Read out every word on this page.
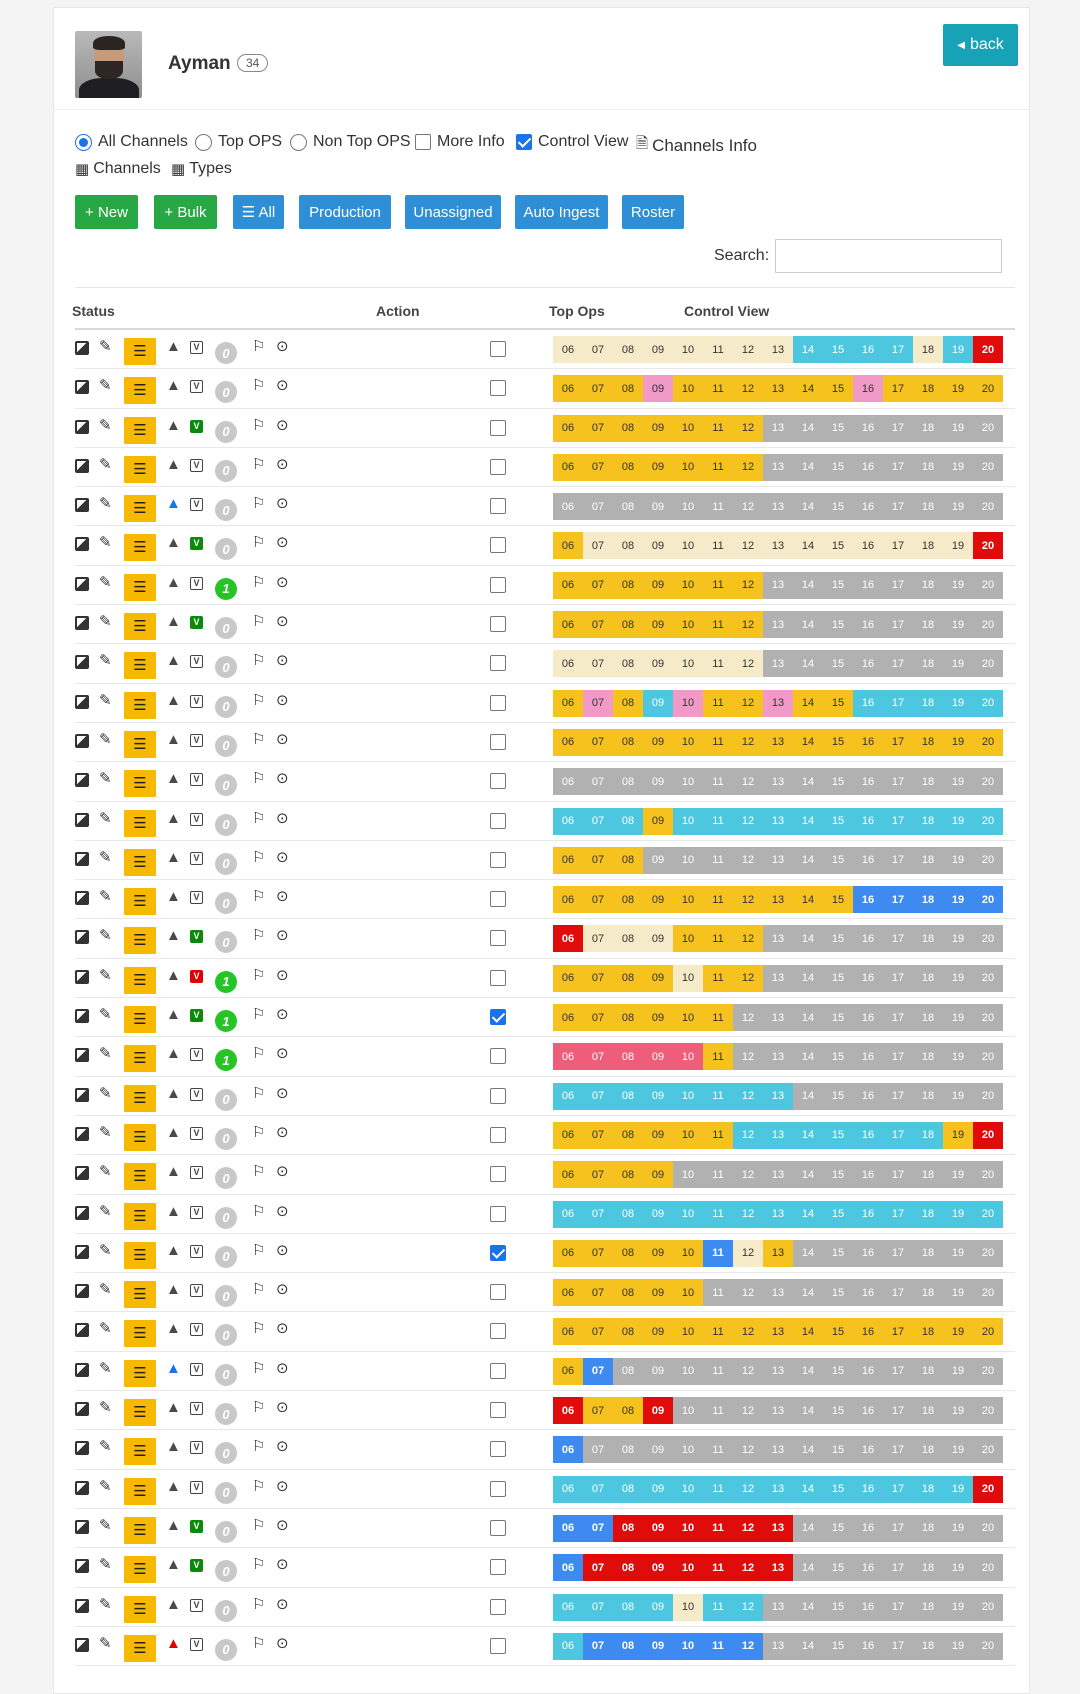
Ayman	34
◀ back
All Channels Top OPS Non Top OPS More Info Control View 🗎 Channels Info
▦ Channels ▦ Types
+ New	+ Bulk	☰ All	Production	Unassigned	Auto Ingest	Roster
Search:
Status	Action	Top Ops	Control View
✎	☰	▲	V	0	⚐ ⊙	06	07	08	09	10	11	12	13	14	15	16	17	18	19	20
✎	☰	▲	V	0	⚐ ⊙	06	07	08	09	10	11	12	13	14	15	16	17	18	19	20
✎	☰	▲	V	0	⚐ ⊙	06	07	08	09	10	11	12	13	14	15	16	17	18	19	20
✎	☰	▲	V	0	⚐ ⊙	06	07	08	09	10	11	12	13	14	15	16	17	18	19	20
✎	☰	▲	V	0	⚐ ⊙	06	07	08	09	10	11	12	13	14	15	16	17	18	19	20
✎	☰	▲	V	0	⚐ ⊙	06	07	08	09	10	11	12	13	14	15	16	17	18	19	20
✎	☰	▲	V	1	⚐ ⊙	06	07	08	09	10	11	12	13	14	15	16	17	18	19	20
✎	☰	▲	V	0	⚐ ⊙	06	07	08	09	10	11	12	13	14	15	16	17	18	19	20
✎	☰	▲	V	0	⚐ ⊙	06	07	08	09	10	11	12	13	14	15	16	17	18	19	20
✎	☰	▲	V	0	⚐ ⊙	06	07	08	09	10	11	12	13	14	15	16	17	18	19	20
✎	☰	▲	V	0	⚐ ⊙	06	07	08	09	10	11	12	13	14	15	16	17	18	19	20
✎	☰	▲	V	0	⚐ ⊙	06	07	08	09	10	11	12	13	14	15	16	17	18	19	20
✎	☰	▲	V	0	⚐ ⊙	06	07	08	09	10	11	12	13	14	15	16	17	18	19	20
✎	☰	▲	V	0	⚐ ⊙	06	07	08	09	10	11	12	13	14	15	16	17	18	19	20
✎	☰	▲	V	0	⚐ ⊙	06	07	08	09	10	11	12	13	14	15	16	17	18	19	20
✎	☰	▲	V	0	⚐ ⊙	06	07	08	09	10	11	12	13	14	15	16	17	18	19	20
✎	☰	▲	V	1	⚐ ⊙	06	07	08	09	10	11	12	13	14	15	16	17	18	19	20
✎	☰	▲	V	1	⚐ ⊙	06	07	08	09	10	11	12	13	14	15	16	17	18	19	20
✎	☰	▲	V	1	⚐ ⊙	06	07	08	09	10	11	12	13	14	15	16	17	18	19	20
✎	☰	▲	V	0	⚐ ⊙	06	07	08	09	10	11	12	13	14	15	16	17	18	19	20
✎	☰	▲	V	0	⚐ ⊙	06	07	08	09	10	11	12	13	14	15	16	17	18	19	20
✎	☰	▲	V	0	⚐ ⊙	06	07	08	09	10	11	12	13	14	15	16	17	18	19	20
✎	☰	▲	V	0	⚐ ⊙	06	07	08	09	10	11	12	13	14	15	16	17	18	19	20
✎	☰	▲	V	0	⚐ ⊙	06	07	08	09	10	11	12	13	14	15	16	17	18	19	20
✎	☰	▲	V	0	⚐ ⊙	06	07	08	09	10	11	12	13	14	15	16	17	18	19	20
✎	☰	▲	V	0	⚐ ⊙	06	07	08	09	10	11	12	13	14	15	16	17	18	19	20
✎	☰	▲	V	0	⚐ ⊙	06	07	08	09	10	11	12	13	14	15	16	17	18	19	20
✎	☰	▲	V	0	⚐ ⊙	06	07	08	09	10	11	12	13	14	15	16	17	18	19	20
✎	☰	▲	V	0	⚐ ⊙	06	07	08	09	10	11	12	13	14	15	16	17	18	19	20
✎	☰	▲	V	0	⚐ ⊙	06	07	08	09	10	11	12	13	14	15	16	17	18	19	20
✎	☰	▲	V	0	⚐ ⊙	06	07	08	09	10	11	12	13	14	15	16	17	18	19	20
✎	☰	▲	V	0	⚐ ⊙	06	07	08	09	10	11	12	13	14	15	16	17	18	19	20
✎	☰	▲	V	0	⚐ ⊙	06	07	08	09	10	11	12	13	14	15	16	17	18	19	20
✎	☰	▲	V	0	⚐ ⊙	06	07	08	09	10	11	12	13	14	15	16	17	18	19	20
